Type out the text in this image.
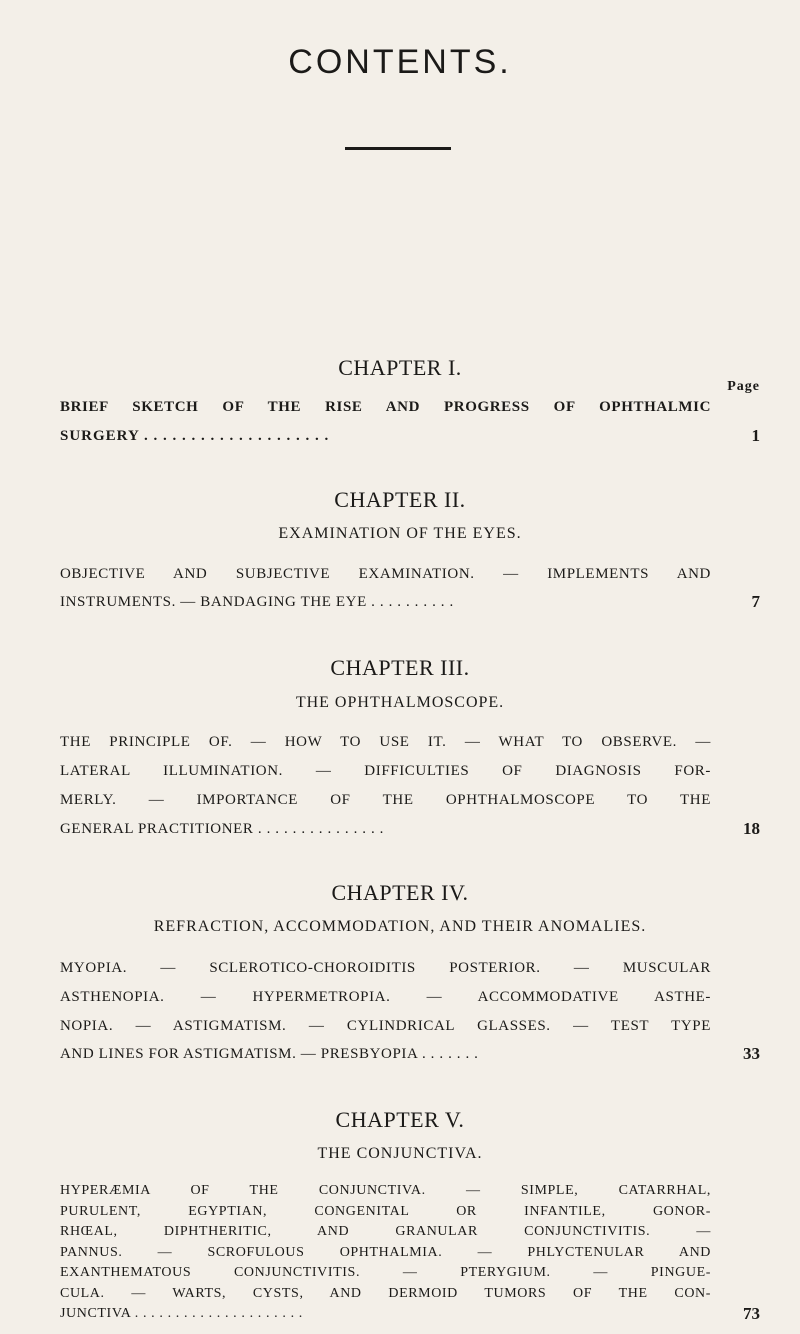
CONTENTS.
CHAPTER I.
Page
BRIEF SKETCH OF THE RISE AND PROGRESS OF OPHTHALMIC
SURGERY . . . . . . . . . . . . . . . . . . . .	1
CHAPTER II.
EXAMINATION OF THE EYES.
OBJECTIVE AND SUBJECTIVE EXAMINATION. — IMPLEMENTS AND
INSTRUMENTS. — BANDAGING THE EYE . . . . . . . . . .	7
CHAPTER III.
THE OPHTHALMOSCOPE.
THE PRINCIPLE OF. — HOW TO USE IT. — WHAT TO OBSERVE. —
LATERAL ILLUMINATION. — DIFFICULTIES OF DIAGNOSIS FOR-
MERLY. — IMPORTANCE OF THE OPHTHALMOSCOPE TO THE
GENERAL PRACTITIONER . . . . . . . . . . . . . . .	18
CHAPTER IV.
REFRACTION, ACCOMMODATION, AND THEIR ANOMALIES.
MYOPIA. — SCLEROTICO-CHOROIDITIS POSTERIOR. — MUSCULAR
ASTHENOPIA. — HYPERMETROPIA. — ACCOMMODATIVE ASTHE-
NOPIA. — ASTIGMATISM. — CYLINDRICAL GLASSES. — TEST TYPE
AND LINES FOR ASTIGMATISM. — PRESBYOPIA . . . . . . .	33
CHAPTER V.
THE CONJUNCTIVA.
HYPERÆMIA OF THE CONJUNCTIVA. — SIMPLE, CATARRHAL,
PURULENT, EGYPTIAN, CONGENITAL OR INFANTILE, GONOR-
RHŒAL, DIPHTHERITIC, AND GRANULAR CONJUNCTIVITIS. —
PANNUS. — SCROFULOUS OPHTHALMIA. — PHLYCTENULAR AND
EXANTHEMATOUS CONJUNCTIVITIS. — PTERYGIUM. — PINGUE-
CULA. — WARTS, CYSTS, AND DERMOID TUMORS OF THE CON-
JUNCTIVA . . . . . . . . . . . . . . . . . . . . .	73
